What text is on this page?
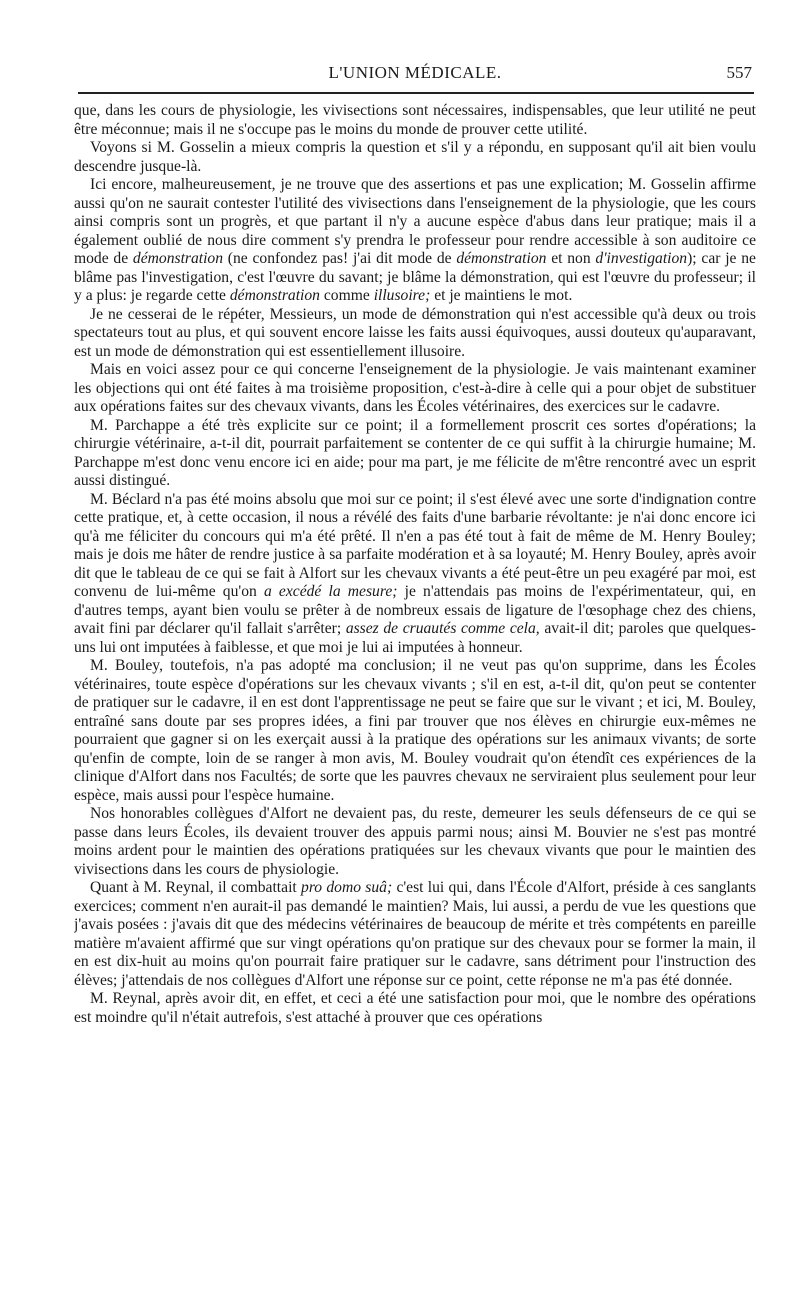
L'UNION MÉDICALE.	557

que, dans les cours de physiologie, les vivisections sont nécessaires, indispensables, que leur utilité ne peut être méconnue; mais il ne s'occupe pas le moins du monde de prouver cette utilité.

Voyons si M. Gosselin a mieux compris la question et s'il y a répondu, en supposant qu'il ait bien voulu descendre jusque-là.

Ici encore, malheureusement, je ne trouve que des assertions et pas une explication; M. Gosselin affirme aussi qu'on ne saurait contester l'utilité des vivisections dans l'enseignement de la physiologie, que les cours ainsi compris sont un progrès, et que partant il n'y a aucune espèce d'abus dans leur pratique; mais il a également oublié de nous dire comment s'y prendra le professeur pour rendre accessible à son auditoire ce mode de démonstration (ne confondez pas! j'ai dit mode de démonstration et non d'investigation); car je ne blâme pas l'investigation, c'est l'œuvre du savant; je blâme la démonstration, qui est l'œuvre du professeur; il y a plus: je regarde cette démonstration comme illusoire; et je maintiens le mot.

Je ne cesserai de le répéter, Messieurs, un mode de démonstration qui n'est accessible qu'à deux ou trois spectateurs tout au plus, et qui souvent encore laisse les faits aussi équivoques, aussi douteux qu'auparavant, est un mode de démonstration qui est essentiellement illusoire.

Mais en voici assez pour ce qui concerne l'enseignement de la physiologie. Je vais maintenant examiner les objections qui ont été faites à ma troisième proposition, c'est-à-dire à celle qui a pour objet de substituer aux opérations faites sur des chevaux vivants, dans les Écoles vétérinaires, des exercices sur le cadavre.

M. Parchappe a été très explicite sur ce point; il a formellement proscrit ces sortes d'opérations; la chirurgie vétérinaire, a-t-il dit, pourrait parfaitement se contenter de ce qui suffit à la chirurgie humaine; M. Parchappe m'est donc venu encore ici en aide; pour ma part, je me félicite de m'être rencontré avec un esprit aussi distingué.

M. Béclard n'a pas été moins absolu que moi sur ce point; il s'est élevé avec une sorte d'indignation contre cette pratique, et, à cette occasion, il nous a révélé des faits d'une barbarie révoltante: je n'ai donc encore ici qu'à me féliciter du concours qui m'a été prêté. Il n'en a pas été tout à fait de même de M. Henry Bouley; mais je dois me hâter de rendre justice à sa parfaite modération et à sa loyauté; M. Henry Bouley, après avoir dit que le tableau de ce qui se fait à Alfort sur les chevaux vivants a été peut-être un peu exagéré par moi, est convenu de lui-même qu'on a excédé la mesure; je n'attendais pas moins de l'expérimentateur, qui, en d'autres temps, ayant bien voulu se prêter à de nombreux essais de ligature de l'œsophage chez des chiens, avait fini par déclarer qu'il fallait s'arrêter; assez de cruautés comme cela, avait-il dit; paroles que quelques-uns lui ont imputées à faiblesse, et que moi je lui ai imputées à honneur.

M. Bouley, toutefois, n'a pas adopté ma conclusion; il ne veut pas qu'on supprime, dans les Écoles vétérinaires, toute espèce d'opérations sur les chevaux vivants ; s'il en est, a-t-il dit, qu'on peut se contenter de pratiquer sur le cadavre, il en est dont l'apprentissage ne peut se faire que sur le vivant ; et ici, M. Bouley, entraîné sans doute par ses propres idées, a fini par trouver que nos élèves en chirurgie eux-mêmes ne pourraient que gagner si on les exerçait aussi à la pratique des opérations sur les animaux vivants; de sorte qu'enfin de compte, loin de se ranger à mon avis, M. Bouley voudrait qu'on étendît ces expériences de la clinique d'Alfort dans nos Facultés; de sorte que les pauvres chevaux ne serviraient plus seulement pour leur espèce, mais aussi pour l'espèce humaine.

Nos honorables collègues d'Alfort ne devaient pas, du reste, demeurer les seuls défenseurs de ce qui se passe dans leurs Écoles, ils devaient trouver des appuis parmi nous; ainsi M. Bouvier ne s'est pas montré moins ardent pour le maintien des opérations pratiquées sur les chevaux vivants que pour le maintien des vivisections dans les cours de physiologie.

Quant à M. Reynal, il combattait pro domo suâ; c'est lui qui, dans l'École d'Alfort, préside à ces sanglants exercices; comment n'en aurait-il pas demandé le maintien? Mais, lui aussi, a perdu de vue les questions que j'avais posées : j'avais dit que des médecins vétérinaires de beaucoup de mérite et très compétents en pareille matière m'avaient affirmé que sur vingt opérations qu'on pratique sur des chevaux pour se former la main, il en est dix-huit au moins qu'on pourrait faire pratiquer sur le cadavre, sans détriment pour l'instruction des élèves; j'attendais de nos collègues d'Alfort une réponse sur ce point, cette réponse ne m'a pas été donnée.

M. Reynal, après avoir dit, en effet, et ceci a été une satisfaction pour moi, que le nombre des opérations est moindre qu'il n'était autrefois, s'est attaché à prouver que ces opérations
